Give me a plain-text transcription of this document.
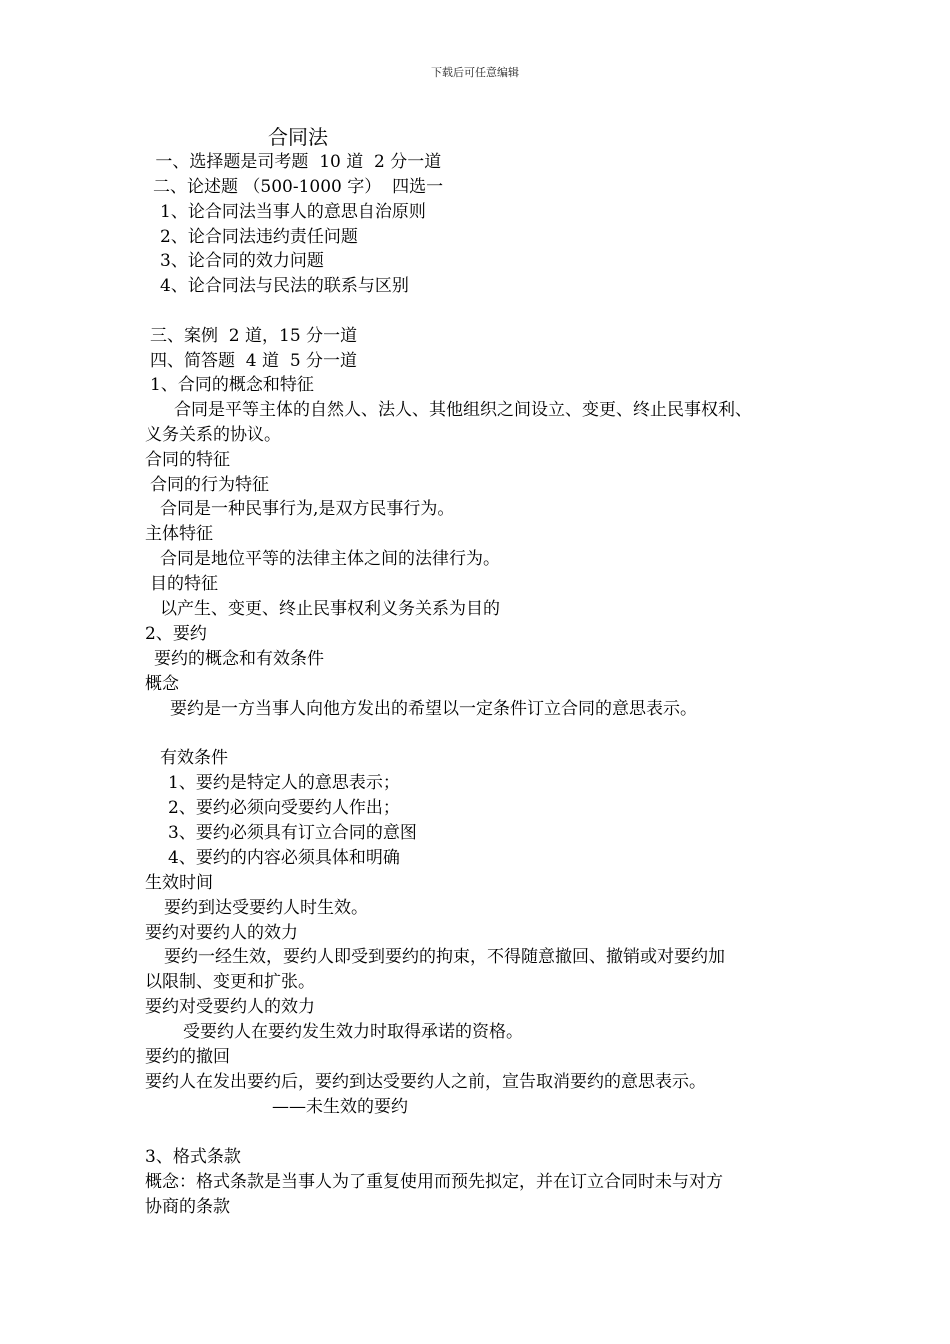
下载后可任意编辑
合同法
一、选择题是司考题  10 道  2 分一道
二、论述题 （500-1000 字）  四选一
1、论合同法当事人的意思自治原则
2、论合同法违约责任问题
3、论合同的效力问题
4、论合同法与民法的联系与区别
三、案例  2 道，15 分一道
四、简答题  4 道  5 分一道
1、合同的概念和特征
合同是平等主体的自然人、法人、其他组织之间设立、变更、终止民事权利、
义务关系的协议。
合同的特征
合同的行为特征
合同是一种民事行为,是双方民事行为。
主体特征
合同是地位平等的法律主体之间的法律行为。
目的特征
以产生、变更、终止民事权利义务关系为目的
2、要约
要约的概念和有效条件
概念
要约是一方当事人向他方发出的希望以一定条件订立合同的意思表示。
有效条件
1、要约是特定人的意思表示；
2、要约必须向受要约人作出；
3、要约必须具有订立合同的意图
4、要约的内容必须具体和明确
生效时间
要约到达受要约人时生效。
要约对要约人的效力
要约一经生效，要约人即受到要约的拘束，不得随意撤回、撤销或对要约加
以限制、变更和扩张。
要约对受要约人的效力
受要约人在要约发生效力时取得承诺的资格。
要约的撤回
要约人在发出要约后，要约到达受要约人之前，宣告取消要约的意思表示。
——未生效的要约
3、格式条款
概念：格式条款是当事人为了重复使用而预先拟定，并在订立合同时未与对方
协商的条款
